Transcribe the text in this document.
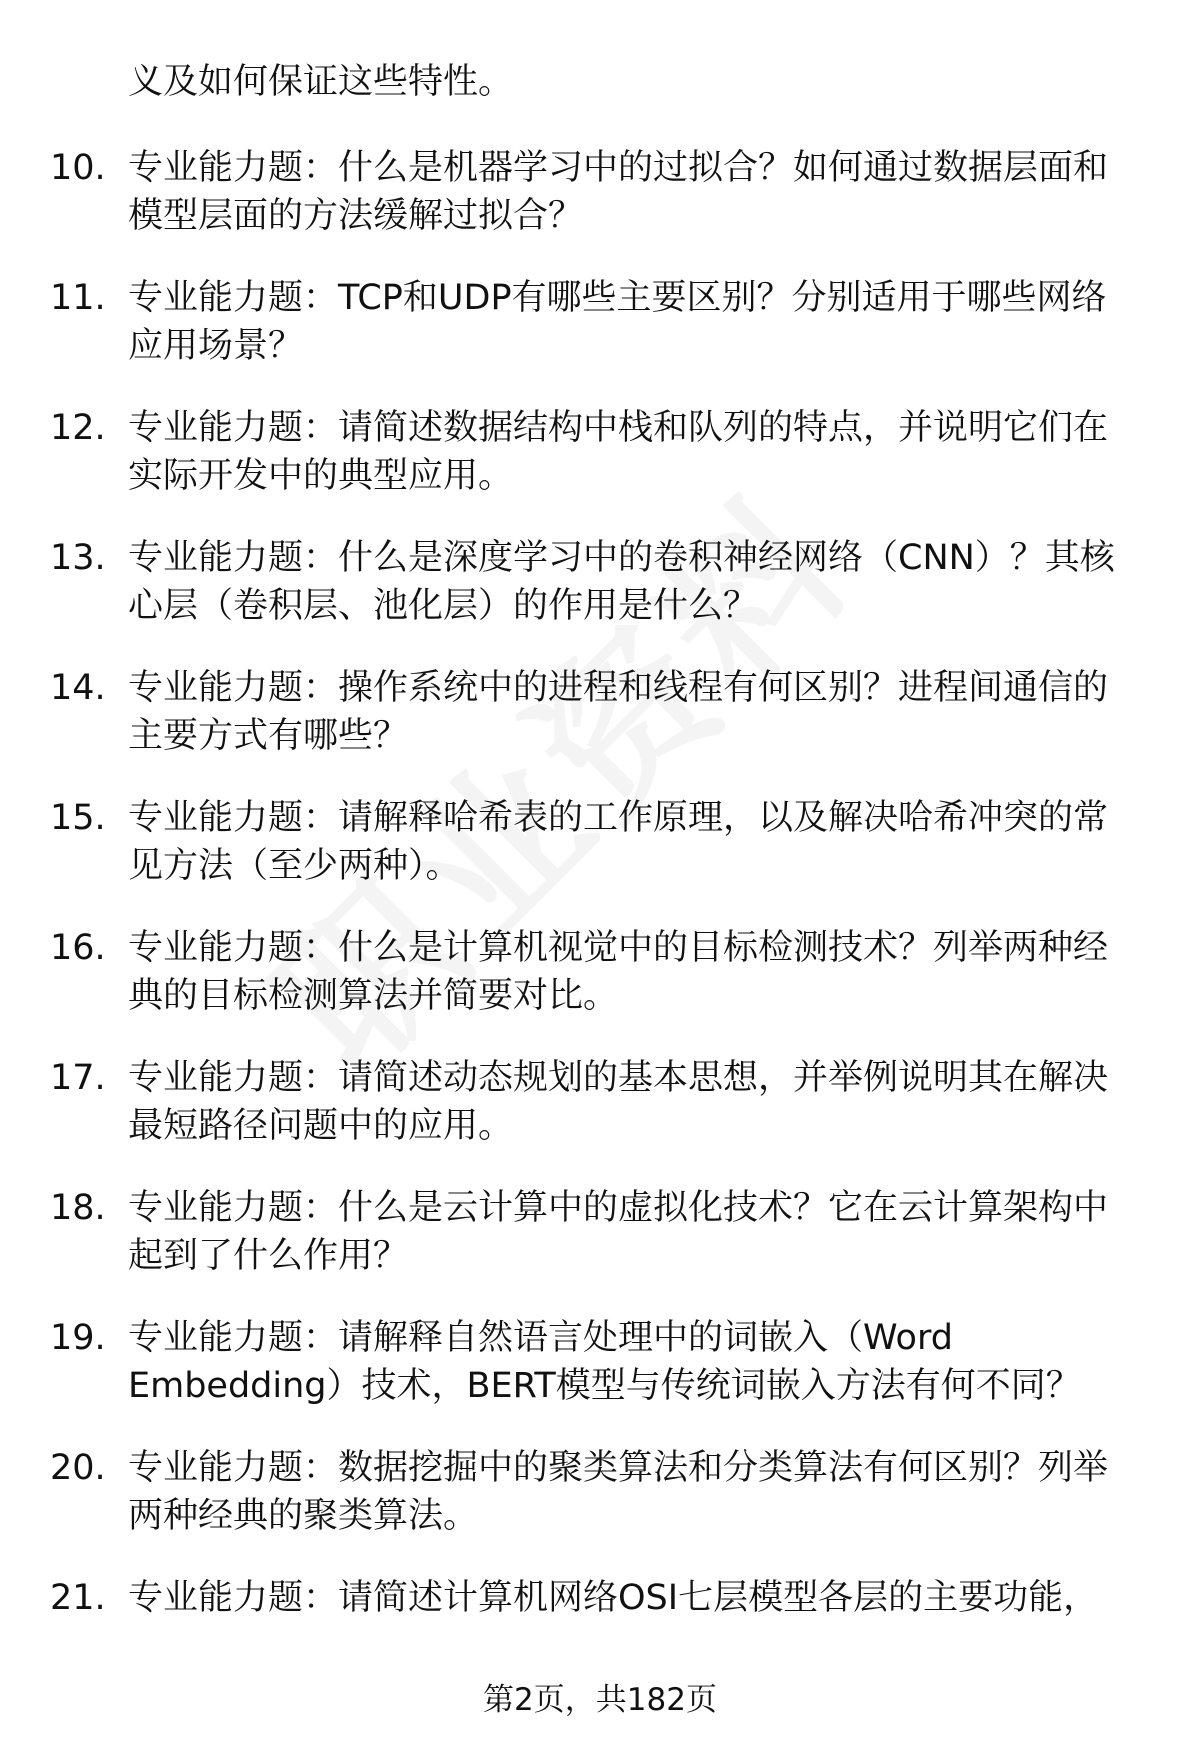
义及如何保证这些特性。
10. 专业能力题：什么是机器学习中的过拟合？如何通过数据层面和模型层面的方法缓解过拟合？
11. 专业能力题：TCP和UDP有哪些主要区别？分别适用于哪些网络应用场景？
12. 专业能力题：请简述数据结构中栈和队列的特点，并说明它们在实际开发中的典型应用。
13. 专业能力题：什么是深度学习中的卷积神经网络（CNN）？其核心层（卷积层、池化层）的作用是什么？
14. 专业能力题：操作系统中的进程和线程有何区别？进程间通信的主要方式有哪些？
15. 专业能力题：请解释哈希表的工作原理，以及解决哈希冲突的常见方法（至少两种）。
16. 专业能力题：什么是计算机视觉中的目标检测技术？列举两种经典的目标检测算法并简要对比。
17. 专业能力题：请简述动态规划的基本思想，并举例说明其在解决最短路径问题中的应用。
18. 专业能力题：什么是云计算中的虚拟化技术？它在云计算架构中起到了什么作用？
19. 专业能力题：请解释自然语言处理中的词嵌入（Word Embedding）技术，BERT模型与传统词嵌入方法有何不同？
20. 专业能力题：数据挖掘中的聚类算法和分类算法有何区别？列举两种经典的聚类算法。
21. 专业能力题：请简述计算机网络OSI七层模型各层的主要功能，
第2页，共182页
